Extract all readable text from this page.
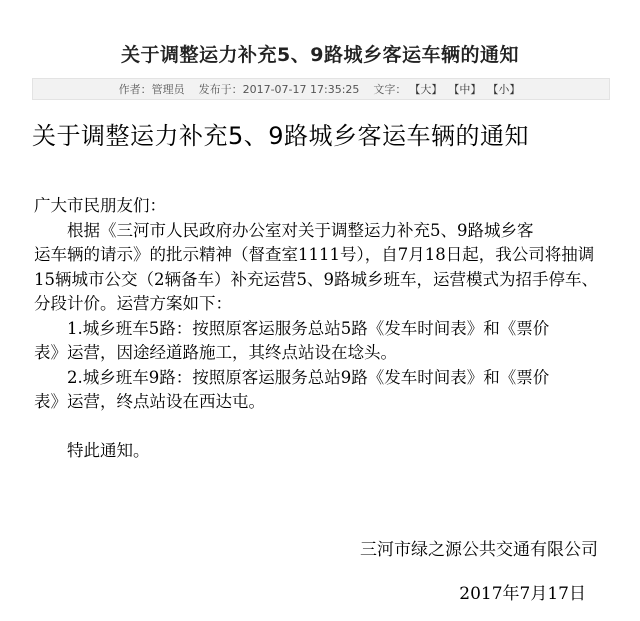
关于调整运力补充5、9路城乡客运车辆的通知
作者： 管理员 发布于： 2017-07-17 17:35:25 文字： 【大】 【中】 【小】
关于调整运力补充5、9路城乡客运车辆的通知

广大市民朋友们：

根据《三河市人民政府办公室对关于调整运力补充5、9路城乡客

运车辆的请示》的批示精神（督查室1111号），自7月18日起，我公司将抽调15辆城市公交（2辆备车）补充运营5、9路城乡班车，运营模式为招手停车、分段计价。运营方案如下：

1.城乡班车5路：按照原客运服务总站5路《发车时间表》和《票价

表》运营，因途经道路施工，其终点站设在埝头。

2.城乡班车9路：按照原客运服务总站9路《发车时间表》和《票价

表》运营，终点站设在西达屯。

特此通知。

三河市绿之源公共交通有限公司
2017年7月17日
